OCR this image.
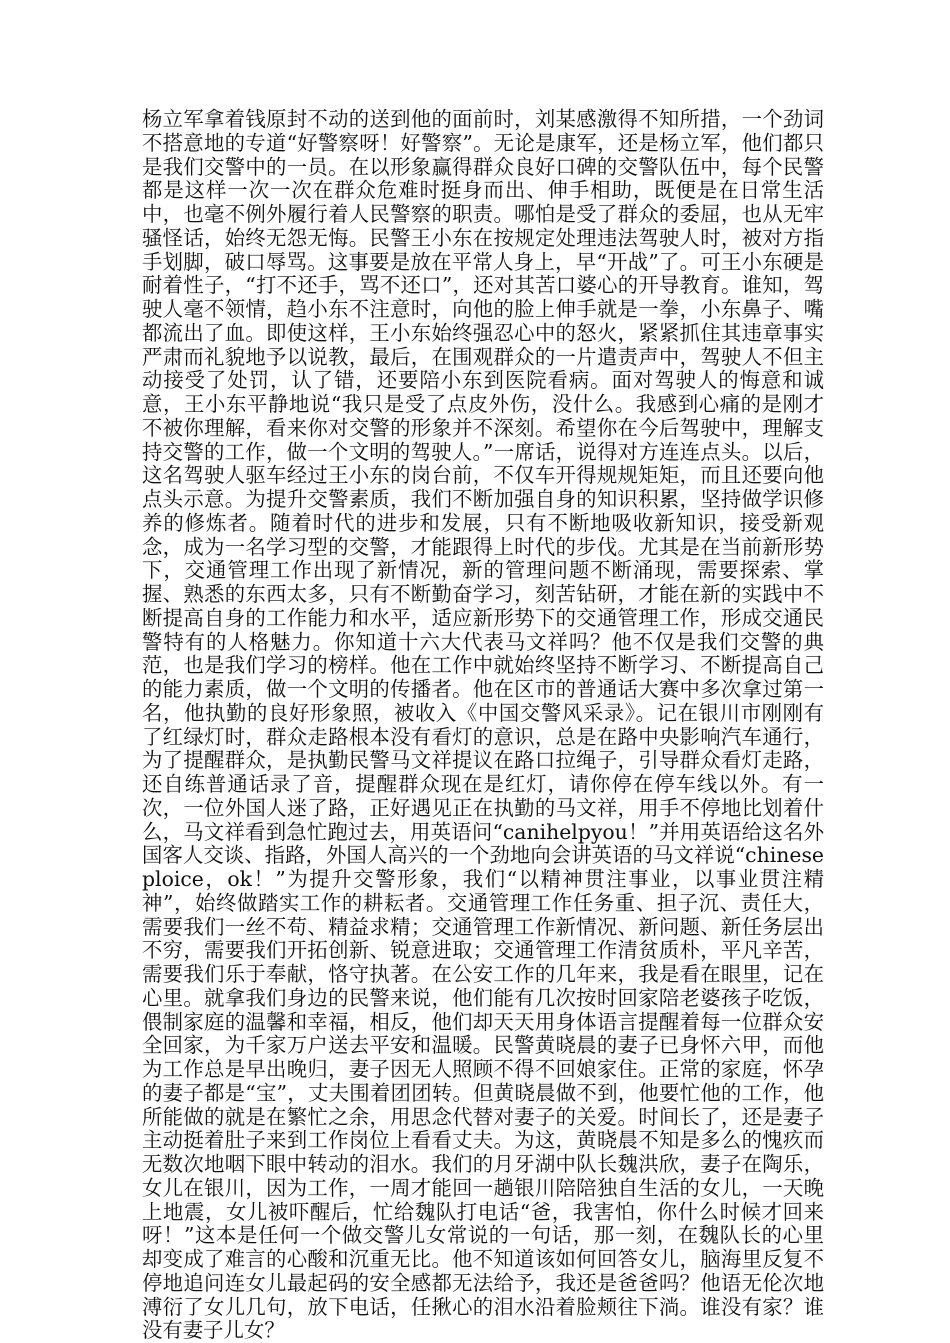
杨立军拿着钱原封不动的送到他的面前时，刘某感激得不知所措，一个劲词不搭意地的专道“好警察呀！好警察”。无论是康军，还是杨立军，他们都只是我们交警中的一员。在以形象赢得群众良好口碑的交警队伍中，每个民警都是这样一次一次在群众危难时挺身而出、伸手相助，既便是在日常生活中，也毫不例外履行着人民警察的职责。哪怕是受了群众的委屈，也从无牢骚怪话，始终无怨无悔。民警王小东在按规定处理违法驾驶人时，被对方指手划脚，破口辱骂。这事要是放在平常人身上，早“开战”了。可王小东硬是耐着性子，“打不还手，骂不还口”，还对其苦口婆心的开导教育。谁知，驾驶人毫不领情，趋小东不注意时，向他的脸上伸手就是一拳，小东鼻子、嘴都流出了血。即使这样，王小东始终强忍心中的怒火，紧紧抓住其违章事实严肃而礼貌地予以说教，最后，在围观群众的一片遣责声中，驾驶人不但主动接受了处罚，认了错，还要陪小东到医院看病。面对驾驶人的悔意和诚意，王小东平静地说“我只是受了点皮外伤，没什么。我感到心痛的是刚才不被你理解，看来你对交警的形象并不深刻。希望你在今后驾驶中，理解支持交警的工作，做一个文明的驾驶人。”一席话，说得对方连连点头。以后，这名驾驶人驱车经过王小东的岗台前，不仅车开得规规矩矩，而且还要向他点头示意。为提升交警素质，我们不断加强自身的知识积累，坚持做学识修养的修炼者。随着时代的进步和发展，只有不断地吸收新知识，接受新观念，成为一名学习型的交警，才能跟得上时代的步伐。尤其是在当前新形势下，交通管理工作出现了新情况，新的管理问题不断涌现，需要探索、掌握、熟悉的东西太多，只有不断勤奋学习，刻苦钻研，才能在新的实践中不断提高自身的工作能力和水平，适应新形势下的交通管理工作，形成交通民警特有的人格魅力。你知道十六大代表马文祥吗？他不仅是我们交警的典范，也是我们学习的榜样。他在工作中就始终坚持不断学习、不断提高自己的能力素质，做一个文明的传播者。他在区市的普通话大赛中多次拿过第一名，他执勤的良好形象照，被收入《中国交警风采录》。记在银川市刚刚有了红绿灯时，群众走路根本没有看灯的意识，总是在路中央影响汽车通行，为了提醒群众，是执勤民警马文祥提议在路口拉绳子，引导群众看灯走路，还自练普通话录了音，提醒群众现在是红灯，请你停在停车线以外。有一次，一位外国人迷了路，正好遇见正在执勤的马文祥，用手不停地比划着什么，马文祥看到急忙跑过去，用英语问“canihelpyou！”并用英语给这名外国客人交谈、指路，外国人高兴的一个劲地向会讲英语的马文祥说“chineseploice，ok！”为提升交警形象，我们“以精神贯注事业，以事业贯注精神”，始终做踏实工作的耕耘者。交通管理工作任务重、担子沉、责任大，需要我们一丝不苟、精益求精；交通管理工作新情况、新问题、新任务层出不穷，需要我们开拓创新、锐意进取；交通管理工作清贫质朴，平凡辛苦，需要我们乐于奉献，恪守执著。在公安工作的几年来，我是看在眼里，记在心里。就拿我们身边的民警来说，他们能有几次按时回家陪老婆孩子吃饭，偎制家庭的温馨和幸福，相反，他们却天天用身体语言提醒着每一位群众安全回家，为千家万户送去平安和温暖。民警黄晓晨的妻子已身怀六甲，而他为工作总是早出晚归，妻子因无人照顾不得不回娘家住。正常的家庭，怀孕的妻子都是“宝”，丈夫围着团团转。但黄晓晨做不到，他要忙他的工作，他所能做的就是在繁忙之余，用思念代替对妻子的关爱。时间长了，还是妻子主动挺着肚子来到工作岗位上看看丈夫。为这，黄晓晨不知是多么的愧疚而无数次地咽下眼中转动的泪水。我们的月牙湖中队长魏洪欣，妻子在陶乐，女儿在银川，因为工作，一周才能回一趟银川陪陪独自生活的女儿，一天晚上地震，女儿被吓醒后，忙给魏队打电话“爸，我害怕，你什么时候才回来呀！”这本是任何一个做交警儿女常说的一句话，那一刻，在魏队长的心里却变成了难言的心酸和沉重无比。他不知道该如何回答女儿，脑海里反复不停地追问连女儿最起码的安全感都无法给予，我还是爸爸吗？他语无伦次地溥衍了女儿几句，放下电话，任揪心的泪水沿着脸颊往下淌。谁没有家？谁没有妻子儿女？
